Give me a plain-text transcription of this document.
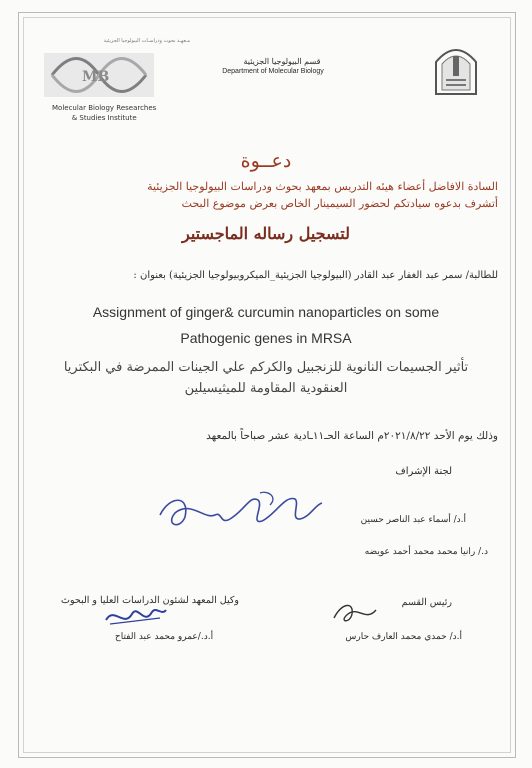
مـعهـد بحوث ودراسـات البيولوجيا الجزيئية
MB
Molecular Biology Researches
& Studies Institute
قسم البيولوجيا الجزيئية
Department of Molecular Biology
دعــوة
السادة الافاضل أعضاء هيئه التدريس بمعهد بحوث ودراسات البيولوجيا الجزيئية
أتشرف بدعوه سيادتكم لحضور السيمينار الخاص بعرض موضوع البحث
لتسجيل رساله الماجستير
للطالبة/ سمر عبد الغفار عبد القادر (البيولوجيا الجزيئية_الميكروبيولوجيا الجزيئية) بعنوان :
Assignment of ginger& curcumin nanoparticles on some
Pathogenic genes in MRSA
تأثير الجسيمات النانوية للزنجبيل والكركم علي الجينات الممرضة في البكتريا
العنقودية المقاومة للميثيسيلين
وذلك يوم الأحد ٢٠٢١/٨/٢٢م الساعة الحـ١١ـادية عشر صباحاً بالمعهد
لجنة الإشراف
أ.د/ أسماء عبد الناصر حسين
د./ رانيا محمد محمد أحمد عويضه
وكيل المعهد لشئون الدراسات العليا و البحوث
أ.د./عمرو محمد عبد الفتاح
رئيس القسم
أ.د/ حمدي محمد العارف حارس
